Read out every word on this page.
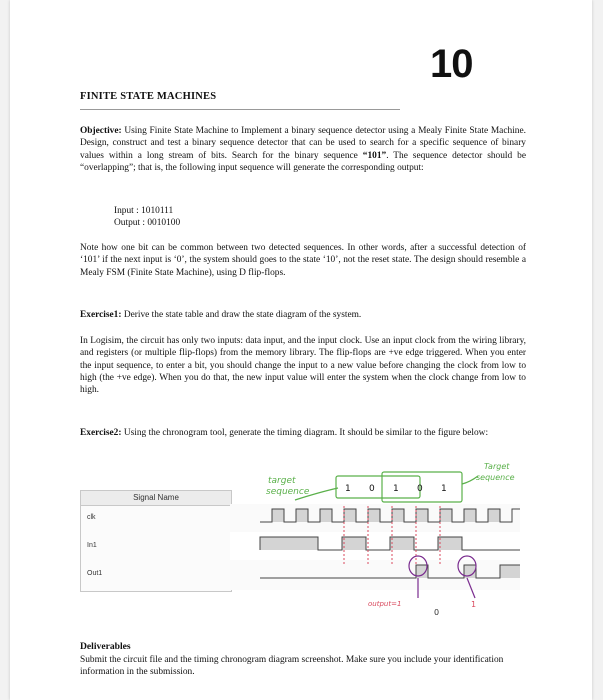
10
FINITE STATE MACHINES
Objective: Using Finite State Machine to Implement a binary sequence detector using a Mealy Finite State Machine. Design, construct and test a binary sequence detector that can be used to search for a specific sequence of binary values within a long stream of bits. Search for the binary sequence “101”. The sequence detector should be “overlapping”; that is, the following input sequence will generate the corresponding output:
Input : 1010111
Output : 0010100
Note how one bit can be common between two detected sequences. In other words, after a successful detection of ‘101’ if the next input is ‘0’, the system should goes to the state ‘10’, not the reset state. The design should resemble a Mealy FSM (Finite State Machine), using D flip-flops.
Exercise1: Derive the state table and draw the state diagram of the system.
In Logisim, the circuit has only two inputs: data input, and the input clock. Use an input clock from the wiring library, and registers (or multiple flip-flops) from the memory library. The flip-flops are +ve edge triggered. When you enter the input sequence, to enter a bit, you should change the input to a new value before changing the clock from low to high (the +ve edge). When you do that, the new input value will enter the system when the clock change from low to high.
Exercise2: Using the chronogram tool, generate the timing diagram. It should be similar to the figure below:
Signal Name
clk
In1
Out1
target
sequence
Target
sequence
1 0 1 0 1
output=1
0
1
Deliverables
Submit the circuit file and the timing chronogram diagram screenshot. Make sure you include your identification information in the submission.
